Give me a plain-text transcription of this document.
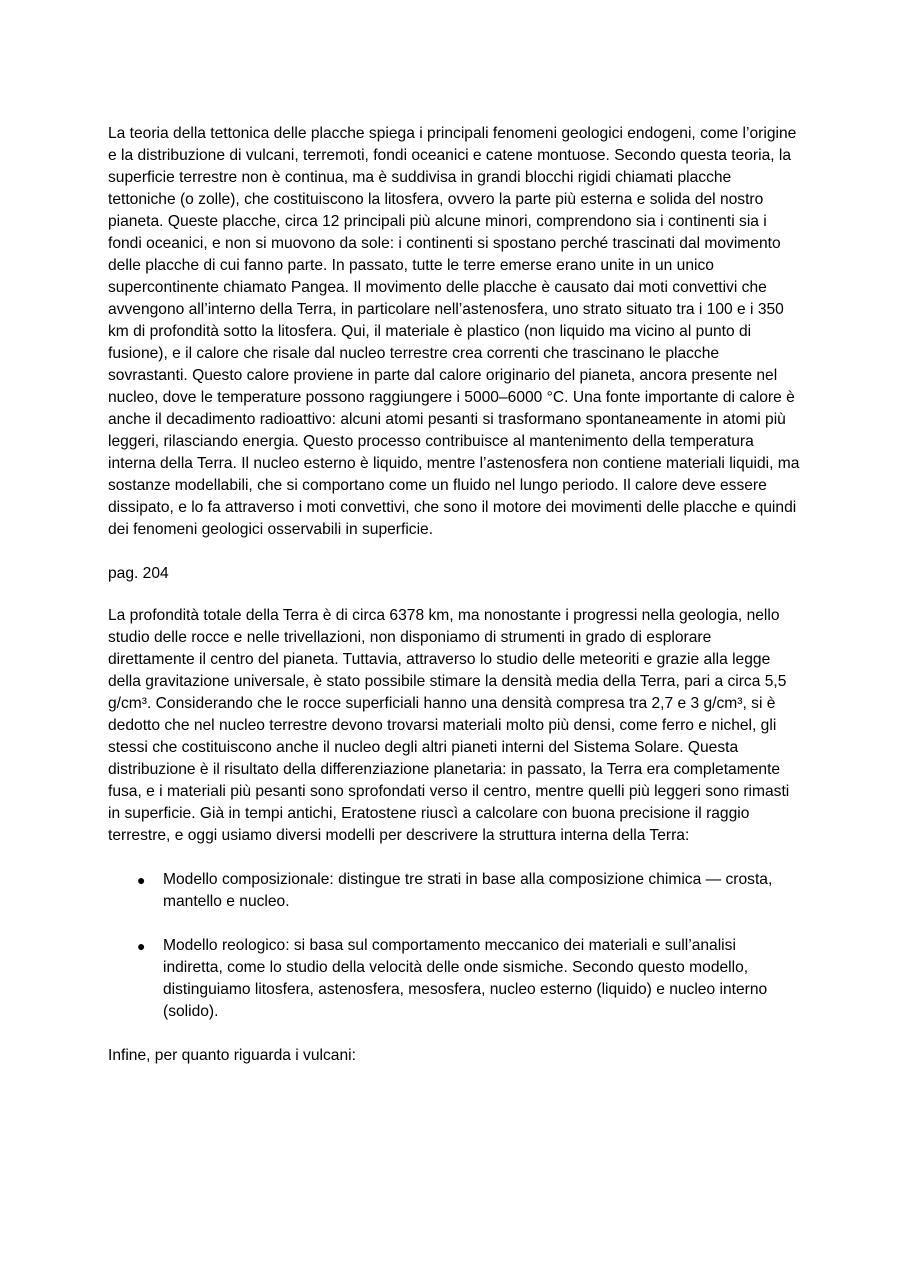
La teoria della tettonica delle placche spiega i principali fenomeni geologici endogeni, come l’origine e la distribuzione di vulcani, terremoti, fondi oceanici e catene montuose. Secondo questa teoria, la superficie terrestre non è continua, ma è suddivisa in grandi blocchi rigidi chiamati placche tettoniche (o zolle), che costituiscono la litosfera, ovvero la parte più esterna e solida del nostro pianeta. Queste placche, circa 12 principali più alcune minori, comprendono sia i continenti sia i fondi oceanici, e non si muovono da sole: i continenti si spostano perché trascinati dal movimento delle placche di cui fanno parte. In passato, tutte le terre emerse erano unite in un unico supercontinente chiamato Pangea. Il movimento delle placche è causato dai moti convettivi che avvengono all’interno della Terra, in particolare nell’astenosfera, uno strato situato tra i 100 e i 350 km di profondità sotto la litosfera. Qui, il materiale è plastico (non liquido ma vicino al punto di fusione), e il calore che risale dal nucleo terrestre crea correnti che trascinano le placche sovrastanti. Questo calore proviene in parte dal calore originario del pianeta, ancora presente nel nucleo, dove le temperature possono raggiungere i 5000–6000 °C. Una fonte importante di calore è anche il decadimento radioattivo: alcuni atomi pesanti si trasformano spontaneamente in atomi più leggeri, rilasciando energia. Questo processo contribuisce al mantenimento della temperatura interna della Terra. Il nucleo esterno è liquido, mentre l’astenosfera non contiene materiali liquidi, ma sostanze modellabili, che si comportano come un fluido nel lungo periodo. Il calore deve essere dissipato, e lo fa attraverso i moti convettivi, che sono il motore dei movimenti delle placche e quindi dei fenomeni geologici osservabili in superficie.

pag. 204

La profondità totale della Terra è di circa 6378 km, ma nonostante i progressi nella geologia, nello studio delle rocce e nelle trivellazioni, non disponiamo di strumenti in grado di esplorare direttamente il centro del pianeta. Tuttavia, attraverso lo studio delle meteoriti e grazie alla legge della gravitazione universale, è stato possibile stimare la densità media della Terra, pari a circa 5,5 g/cm³. Considerando che le rocce superficiali hanno una densità compresa tra 2,7 e 3 g/cm³, si è dedotto che nel nucleo terrestre devono trovarsi materiali molto più densi, come ferro e nichel, gli stessi che costituiscono anche il nucleo degli altri pianeti interni del Sistema Solare. Questa distribuzione è il risultato della differenziazione planetaria: in passato, la Terra era completamente fusa, e i materiali più pesanti sono sprofondati verso il centro, mentre quelli più leggeri sono rimasti in superficie. Già in tempi antichi, Eratostene riuscì a calcolare con buona precisione il raggio terrestre, e oggi usiamo diversi modelli per descrivere la struttura interna della Terra:

● Modello composizionale: distingue tre strati in base alla composizione chimica — crosta, mantello e nucleo.
● Modello reologico: si basa sul comportamento meccanico dei materiali e sull’analisi indiretta, come lo studio della velocità delle onde sismiche. Secondo questo modello, distinguiamo litosfera, astenosfera, mesosfera, nucleo esterno (liquido) e nucleo interno (solido).

Infine, per quanto riguarda i vulcani:
